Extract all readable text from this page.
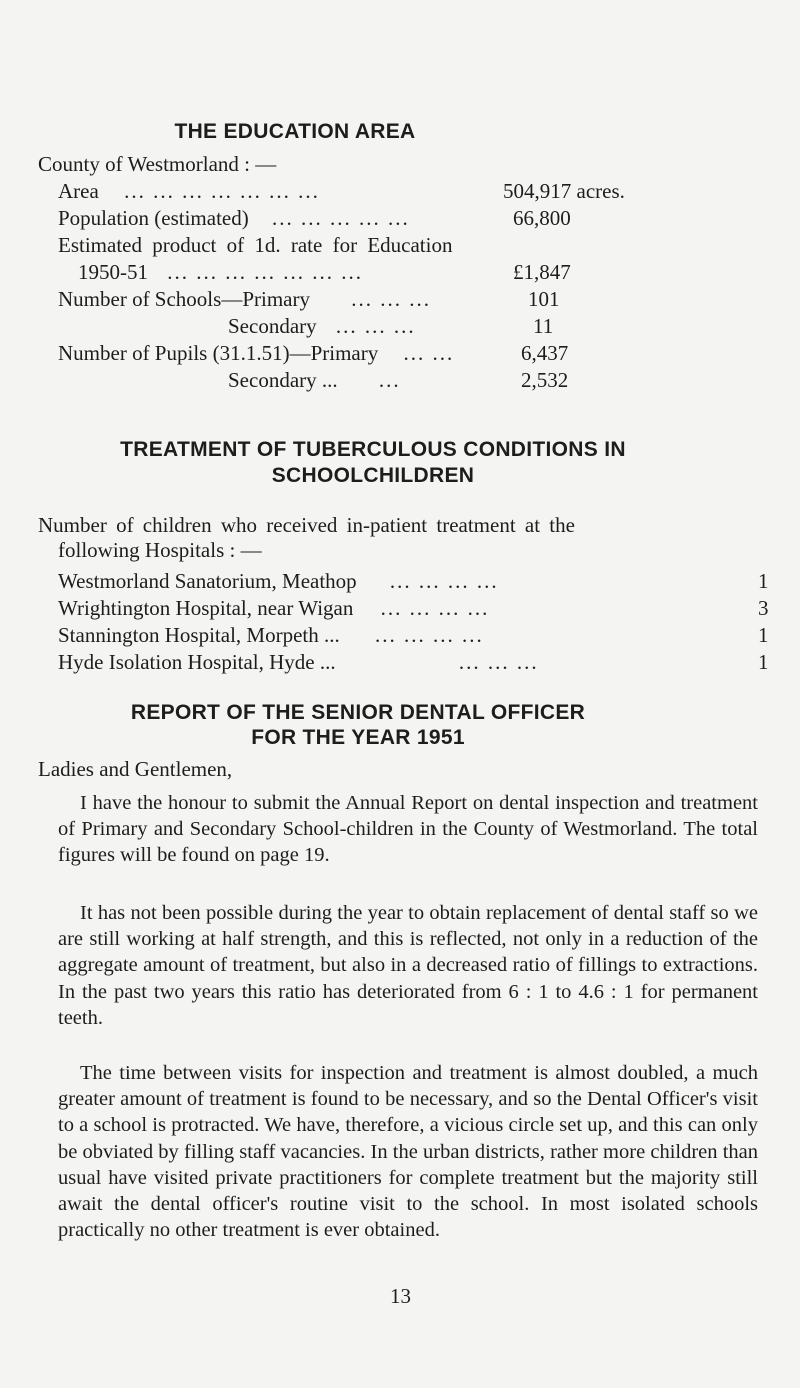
THE EDUCATION AREA
County of Westmorland : —
Area ... ... ... ... ... ... ...	504,917 acres.
Population (estimated) ... ... ... ... ...	66,800
Estimated product of 1d. rate for Education
1950-51 ... ... ... ... ... ... ...	£1,847
Number of Schools—Primary ... ... ...	101
Secondary ... ... ...	11
Number of Pupils (31.1.51)—Primary ... ...	6,437
Secondary ... ...	2,532
TREATMENT OF TUBERCULOUS CONDITIONS IN
SCHOOLCHILDREN
Number of children who received in-patient treatment at the
following Hospitals : —
Westmorland Sanatorium, Meathop ... ... ... ...	1
Wrightington Hospital, near Wigan ... ... ... ...	3
Stannington Hospital, Morpeth ... ... ... ... ...	1
Hyde Isolation Hospital, Hyde ...	... ... ...	1
REPORT OF THE SENIOR DENTAL OFFICER
FOR THE YEAR 1951
Ladies and Gentlemen,
I have the honour to submit the Annual Report on dental inspection and treatment of Primary and Secondary School-children in the County of Westmorland. The total figures will be found on page 19.
It has not been possible during the year to obtain replacement of dental staff so we are still working at half strength, and this is reflected, not only in a reduction of the aggregate amount of treatment, but also in a decreased ratio of fillings to extractions. In the past two years this ratio has deteriorated from 6 : 1 to 4.6 : 1 for permanent teeth.
The time between visits for inspection and treatment is almost doubled, a much greater amount of treatment is found to be necessary, and so the Dental Officer's visit to a school is protracted. We have, therefore, a vicious circle set up, and this can only be obviated by filling staff vacancies. In the urban districts, rather more children than usual have visited private practitioners for complete treatment but the majority still await the dental officer's routine visit to the school. In most isolated schools practically no other treatment is ever obtained.
13
